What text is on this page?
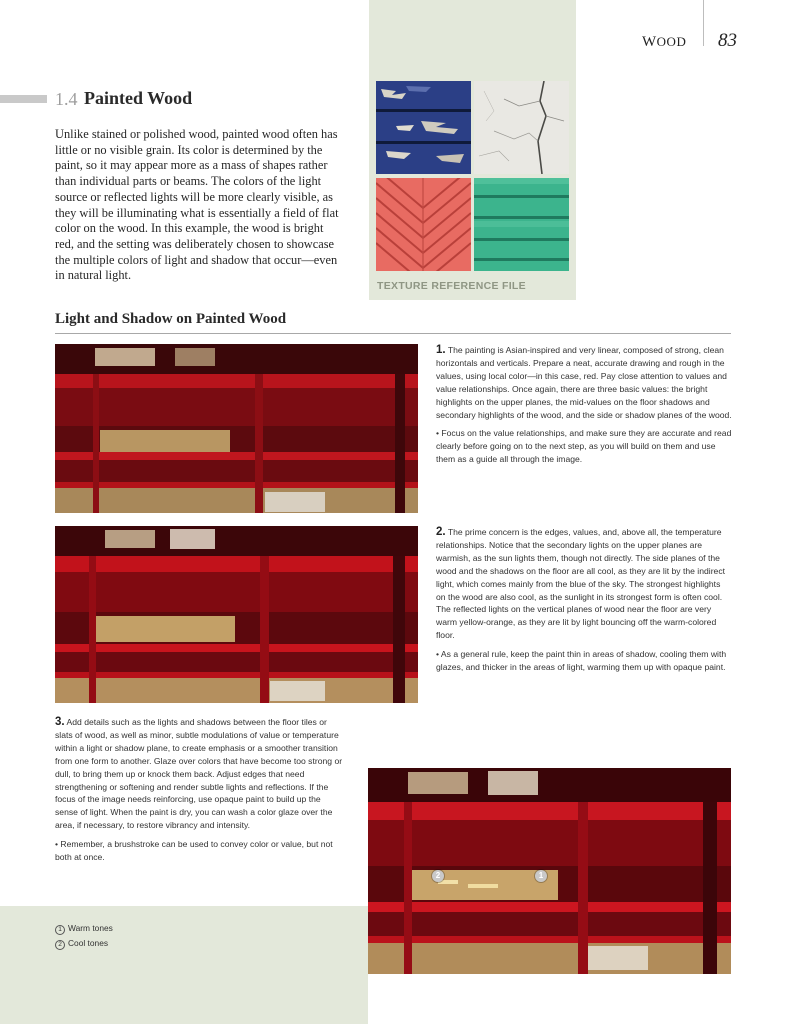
WOOD 83
1.4 Painted Wood
Unlike stained or polished wood, painted wood often has little or no visible grain. Its color is determined by the paint, so it may appear more as a mass of shapes rather than individual parts or beams. The colors of the light source or reflected lights will be more clearly visible, as they will be illuminating what is essentially a field of flat color on the wood. In this example, the wood is bright red, and the setting was deliberately chosen to showcase the multiple colors of light and shadow that occur—even in natural light.
TEXTURE REFERENCE FILE
Light and Shadow on Painted Wood

1. The painting is Asian-inspired and very linear, composed of strong, clean horizontals and verticals. Prepare a neat, accurate drawing and rough in the values, using local color—in this case, red. Pay close attention to values and value relationships. Once again, there are three basic values: the bright highlights on the upper planes, the mid-values on the floor shadows and secondary highlights of the wood, and the side or shadow planes of the wood.

• Focus on the value relationships, and make sure they are accurate and read clearly before going on to the next step, as you will build on them and use them as a guide all through the image.

2. The prime concern is the edges, values, and, above all, the temperature relationships. Notice that the secondary lights on the upper planes are warmish, as the sun lights them, though not directly. The side planes of the wood and the shadows on the floor are all cool, as they are lit by the indirect light, which comes mainly from the blue of the sky. The strongest highlights on the wood are also cool, as the sunlight in its strongest form is often cool. The reflected lights on the vertical planes of wood near the floor are very warm yellow-orange, as they are lit by light bouncing off the warm-colored floor.

• As a general rule, keep the paint thin in areas of shadow, cooling them with glazes, and thicker in the areas of light, warming them up with opaque paint.

3. Add details such as the lights and shadows between the floor tiles or slats of wood, as well as minor, subtle modulations of value or temperature within a light or shadow plane, to create emphasis or a smoother transition from one form to another. Glaze over colors that have become too strong or dull, to bring them up or knock them back. Adjust edges that need strengthening or softening and render subtle lights and reflections. If the focus of the image needs reinforcing, use opaque paint to build up the sense of light. When the paint is dry, you can wash a color glaze over the area, if necessary, to restore vibrancy and intensity.

• Remember, a brushstroke can be used to convey color or value, but not both at once.

1 Warm tones
2 Cool tones
2	1
